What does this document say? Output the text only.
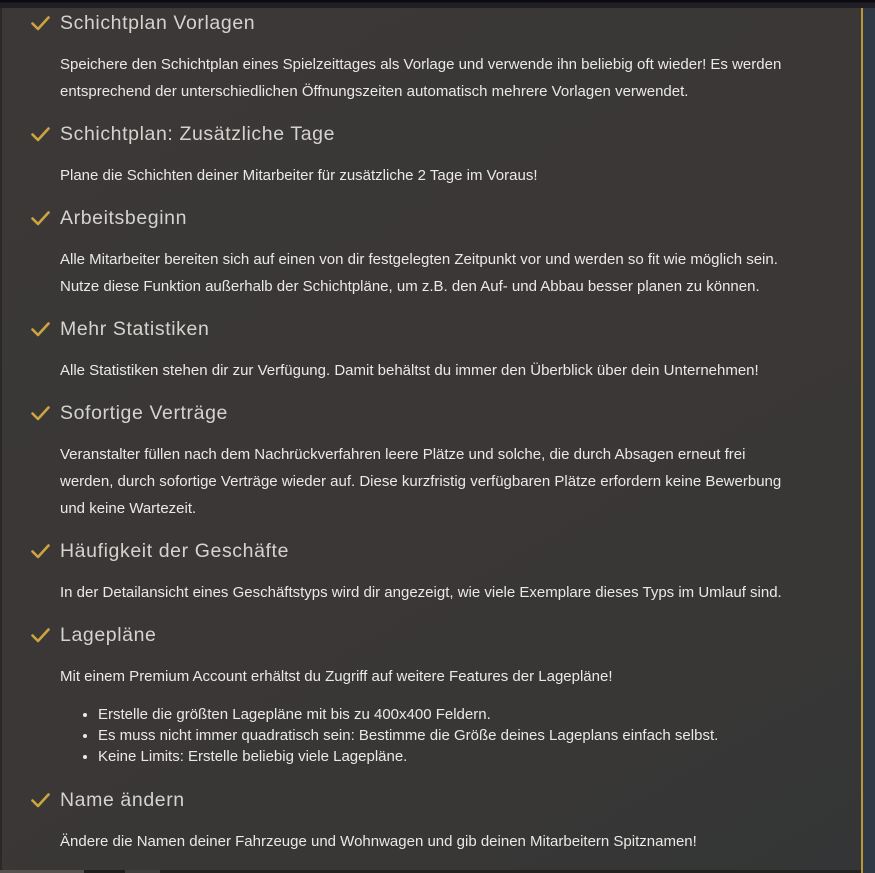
Schichtplan Vorlagen

Speichere den Schichtplan eines Spielzeittages als Vorlage und verwende ihn beliebig oft wieder! Es werden
entsprechend der unterschiedlichen Öffnungszeiten automatisch mehrere Vorlagen verwendet.

Schichtplan: Zusätzliche Tage

Plane die Schichten deiner Mitarbeiter für zusätzliche 2 Tage im Voraus!

Arbeitsbeginn

Alle Mitarbeiter bereiten sich auf einen von dir festgelegten Zeitpunkt vor und werden so fit wie möglich sein.
Nutze diese Funktion außerhalb der Schichtpläne, um z.B. den Auf- und Abbau besser planen zu können.

Mehr Statistiken

Alle Statistiken stehen dir zur Verfügung. Damit behältst du immer den Überblick über dein Unternehmen!

Sofortige Verträge

Veranstalter füllen nach dem Nachrückverfahren leere Plätze und solche, die durch Absagen erneut frei
werden, durch sofortige Verträge wieder auf. Diese kurzfristig verfügbaren Plätze erfordern keine Bewerbung
und keine Wartezeit.

Häufigkeit der Geschäfte

In der Detailansicht eines Geschäftstyps wird dir angezeigt, wie viele Exemplare dieses Typs im Umlauf sind.

Lagepläne

Mit einem Premium Account erhältst du Zugriff auf weitere Features der Lagepläne!

• Erstelle die größten Lagepläne mit bis zu 400x400 Feldern.
• Es muss nicht immer quadratisch sein: Bestimme die Größe deines Lageplans einfach selbst.
• Keine Limits: Erstelle beliebig viele Lagepläne.
Name ändern

Ändere die Namen deiner Fahrzeuge und Wohnwagen und gib deinen Mitarbeitern Spitznamen!
